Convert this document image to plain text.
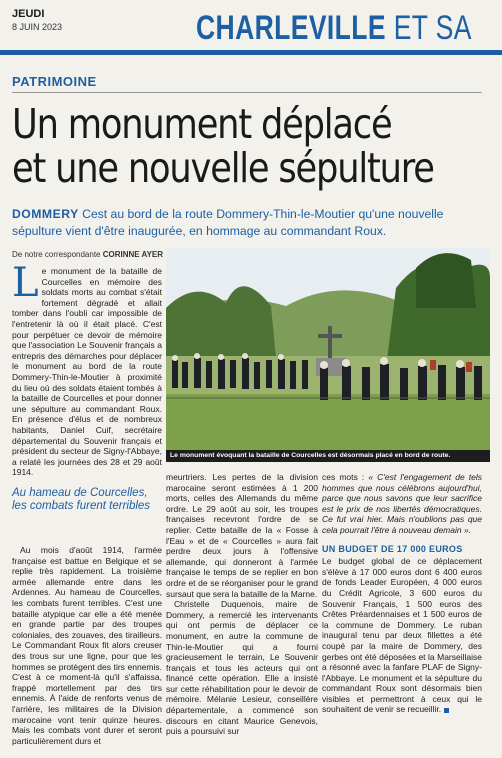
JEUDI
8 JUIN 2023	CHARLEVILLE ET SA
PATRIMOINE
Un monument déplacé
et une nouvelle sépulture
DOMMERY Cest au bord de la route Dommery-Thin-le-Moutier qu'une nouvelle sépulture vient d'être inaugurée, en hommage au commandant Roux.
De notre correspondante CORINNE AYER

Le monument de la bataille de Courcelles en mémoire des soldats morts au combat s'était fortement dégradé et allait tomber dans l'oubli car impossible de l'entretenir là où il était placé. C'est pour perpétuer ce devoir de mémoire que l'association Le Souvenir français a entrepris des démarches pour déplacer le monument au bord de la route Dommery-Thin-le-Moutier à proximité du lieu où des soldats étaient tombés à la bataille de Courcelles et pour donner une sépulture au commandant Roux. En présence d'élus et de nombreux habitants, Daniel Cuif, secrétaire départemental du Souvenir français et président du secteur de Signy-l'Abbaye, a relaté les journées des 28 et 29 août 1914.

Au hameau de Courcelles, les combats furent terribles

Au mois d'août 1914, l'armée française est battue en Belgique et se replie très rapidement. La troisième armée allemande entre dans les Ardennes. Au hameau de Courcelles, les combats furent terribles. C'est une bataille atypique car elle a été menée en grande partie par des troupes coloniales, des zouaves, des tirailleurs. Le Commandant Roux fit alors creuser des trous sur une ligne, pour que les hommes se protègent des tirs ennemis. C'est à ce moment-là qu'il s'affaissa, frappé mortellement par des tirs ennemis. À l'aide de renforts venus de l'arrière, les militaires de la Division marocaine vont tenir quinze heures. Mais les combats vont durer et seront particulièrement durs et

Le monument évoquant la bataille de Courcelles est désormais placé en bord de route.

meurtriers. Les pertes de la division marocaine seront estimées à 1 200 morts, celles des Allemands du même ordre. Le 29 août au soir, les troupes françaises recevront l'ordre de se replier. Cette bataille de la « Fosse à l'Eau » et de « Courcelles » aura fait perdre deux jours à l'offensive allemande, qui donneront à l'armée française le temps de se replier en bon ordre et de se réorganiser pour le grand sursaut que sera la bataille de la Marne.

Christelle Duquenois, maire de Dommery, a remercié les intervenants qui ont permis de déplacer ce monument, en autre la commune de Thin-le-Moutier qui a fourni gracieusement le terrain, Le Souvenir français et tous les acteurs qui ont financé cette opération. Elle a insisté sur cette réhabilitation pour le devoir de mémoire. Mélanie Lesieur, conseillère départementale, a commencé son discours en citant Maurice Genevois, puis a poursuivi sur

ces mots : « C'est l'engagement de tels hommes que nous célébrons aujourd'hui, parce que nous savons que leur sacrifice est le prix de nos libertés démocratiques. Ce fut vrai hier. Mais n'oublions pas que cela pourrait l'être à nouveau demain ».

UN BUDGET DE 17 000 EUROS

Le budget global de ce déplacement s'élève à 17 000 euros dont 6 400 euros de fonds Leader Européen, 4 000 euros du Crédit Agricole, 3 600 euros du Souvenir Français, 1 500 euros des Crêtes Préardennaises et 1 500 euros de la commune de Dommery. Le ruban inaugural tenu par deux fillettes a été coupé par la maire de Dommery, des gerbes ont été déposées et la Marseillaise a résonné avec la fanfare PLAF de Signy-l'Abbaye. Le monument et la sépulture du commandant Roux sont désormais bien visibles et permettront à ceux qui le souhaitent de venir se recueillir.
